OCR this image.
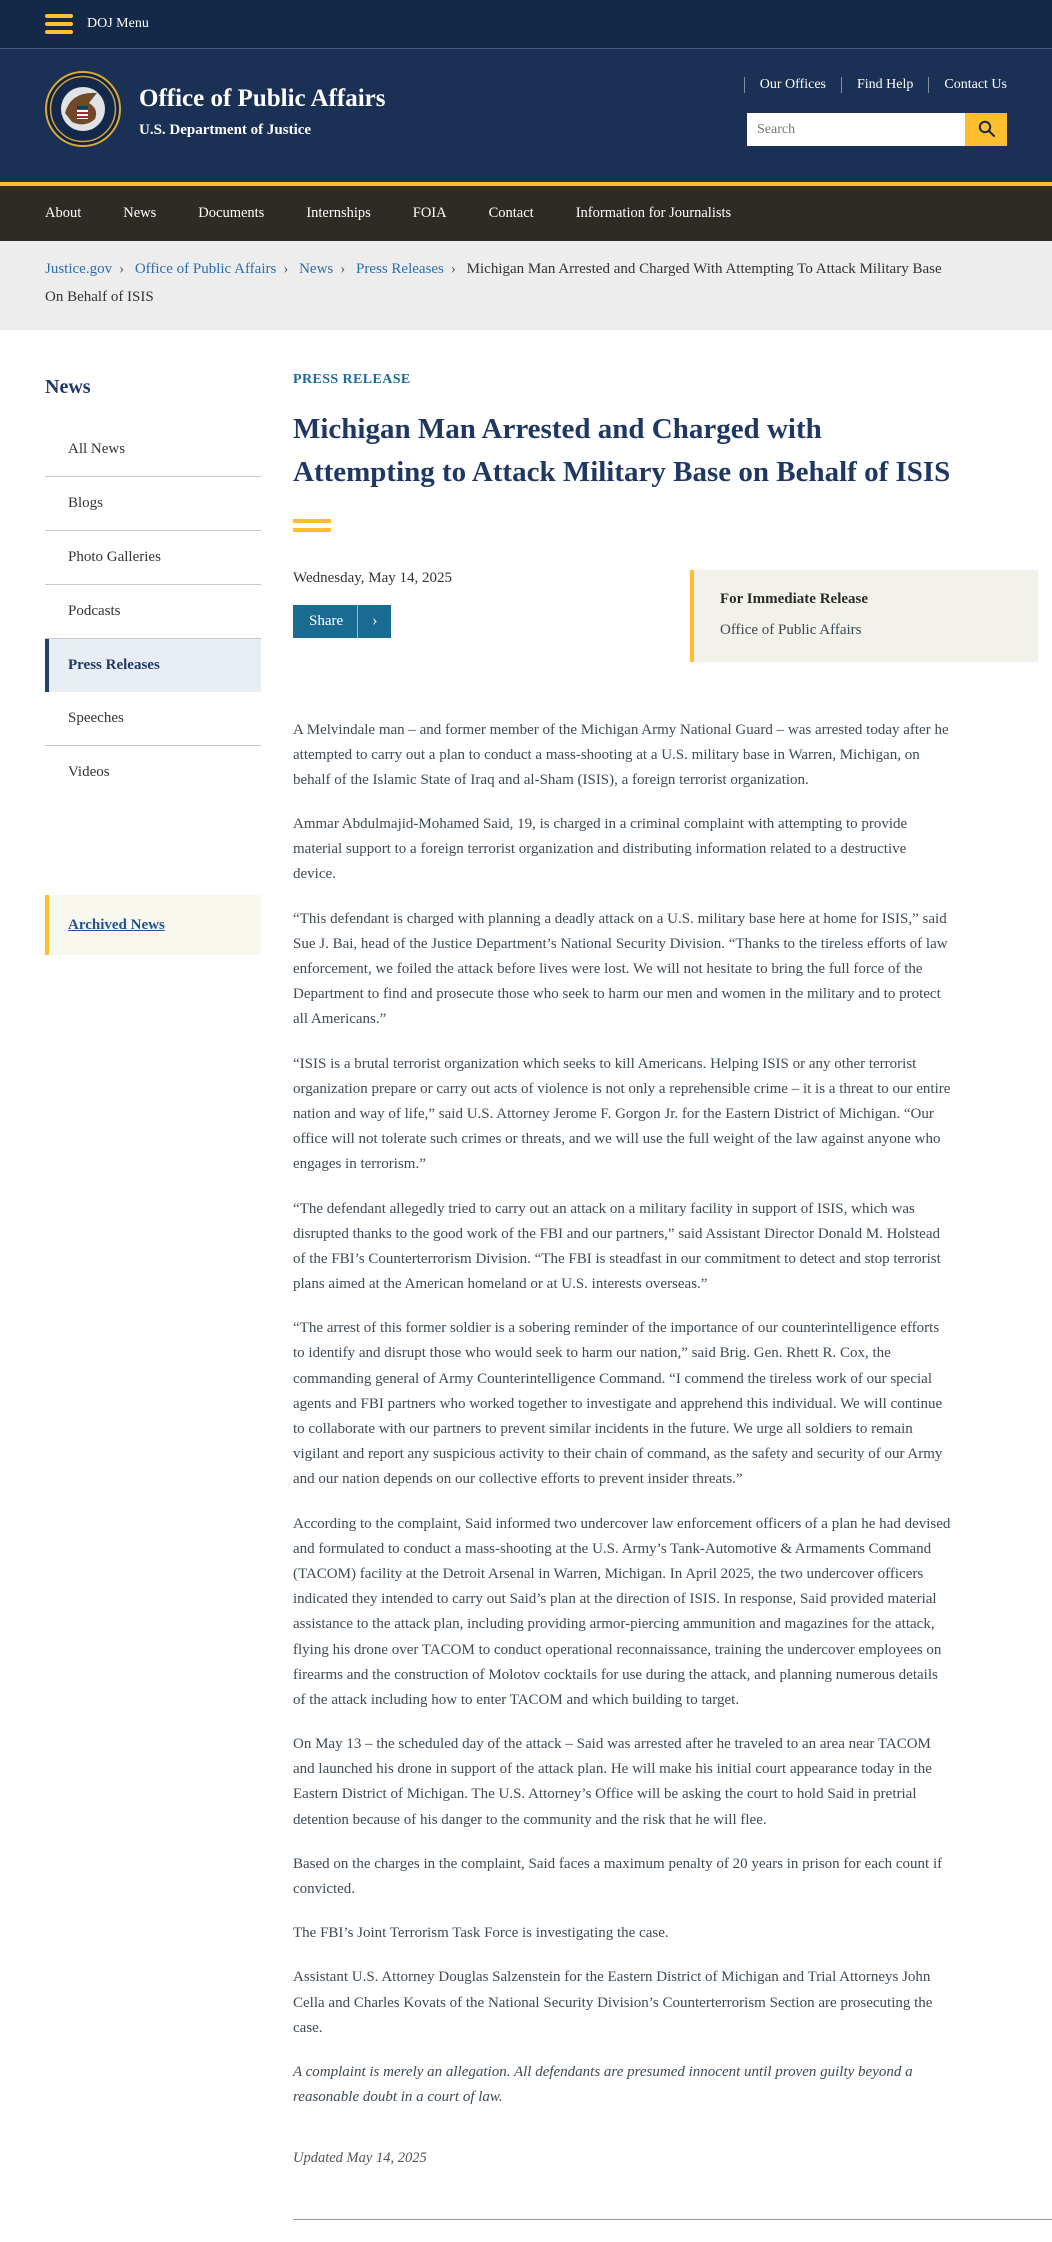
DOJ Menu
Office of Public Affairs
U.S. Department of Justice
Our Offices	Find Help	Contact Us
Search
About	News	Documents	Internships	FOIA	Contact	Information for Journalists
Justice.gov › Office of Public Affairs › News › Press Releases › Michigan Man Arrested and Charged With Attempting To Attack Military Base On Behalf of ISIS
News
All News
Blogs
Photo Galleries
Podcasts
Press Releases
Speeches
Videos
Archived News
PRESS RELEASE
Michigan Man Arrested and Charged with Attempting to Attack Military Base on Behalf of ISIS
Wednesday, May 14, 2025
Share	›
For Immediate Release
Office of Public Affairs

A Melvindale man – and former member of the Michigan Army National Guard – was arrested today after he attempted to carry out a plan to conduct a mass-shooting at a U.S. military base in Warren, Michigan, on behalf of the Islamic State of Iraq and al-Sham (ISIS), a foreign terrorist organization.

Ammar Abdulmajid-Mohamed Said, 19, is charged in a criminal complaint with attempting to provide material support to a foreign terrorist organization and distributing information related to a destructive device.

“This defendant is charged with planning a deadly attack on a U.S. military base here at home for ISIS,” said Sue J. Bai, head of the Justice Department’s National Security Division. “Thanks to the tireless efforts of law enforcement, we foiled the attack before lives were lost. We will not hesitate to bring the full force of the Department to find and prosecute those who seek to harm our men and women in the military and to protect all Americans.”

“ISIS is a brutal terrorist organization which seeks to kill Americans. Helping ISIS or any other terrorist organization prepare or carry out acts of violence is not only a reprehensible crime – it is a threat to our entire nation and way of life,” said U.S. Attorney Jerome F. Gorgon Jr. for the Eastern District of Michigan. “Our office will not tolerate such crimes or threats, and we will use the full weight of the law against anyone who engages in terrorism.”

“The defendant allegedly tried to carry out an attack on a military facility in support of ISIS, which was disrupted thanks to the good work of the FBI and our partners,” said Assistant Director Donald M. Holstead of the FBI’s Counterterrorism Division. “The FBI is steadfast in our commitment to detect and stop terrorist plans aimed at the American homeland or at U.S. interests overseas.”

“The arrest of this former soldier is a sobering reminder of the importance of our counterintelligence efforts to identify and disrupt those who would seek to harm our nation,” said Brig. Gen. Rhett R. Cox, the commanding general of Army Counterintelligence Command. “I commend the tireless work of our special agents and FBI partners who worked together to investigate and apprehend this individual. We will continue to collaborate with our partners to prevent similar incidents in the future. We urge all soldiers to remain vigilant and report any suspicious activity to their chain of command, as the safety and security of our Army and our nation depends on our collective efforts to prevent insider threats.”

According to the complaint, Said informed two undercover law enforcement officers of a plan he had devised and formulated to conduct a mass-shooting at the U.S. Army’s Tank-Automotive & Armaments Command (TACOM) facility at the Detroit Arsenal in Warren, Michigan. In April 2025, the two undercover officers indicated they intended to carry out Said’s plan at the direction of ISIS. In response, Said provided material assistance to the attack plan, including providing armor-piercing ammunition and magazines for the attack, flying his drone over TACOM to conduct operational reconnaissance, training the undercover employees on firearms and the construction of Molotov cocktails for use during the attack, and planning numerous details of the attack including how to enter TACOM and which building to target.

On May 13 – the scheduled day of the attack – Said was arrested after he traveled to an area near TACOM and launched his drone in support of the attack plan. He will make his initial court appearance today in the Eastern District of Michigan. The U.S. Attorney’s Office will be asking the court to hold Said in pretrial detention because of his danger to the community and the risk that he will flee.

Based on the charges in the complaint, Said faces a maximum penalty of 20 years in prison for each count if convicted.

The FBI’s Joint Terrorism Task Force is investigating the case.

Assistant U.S. Attorney Douglas Salzenstein for the Eastern District of Michigan and Trial Attorneys John Cella and Charles Kovats of the National Security Division’s Counterterrorism Section are prosecuting the case.

A complaint is merely an allegation. All defendants are presumed innocent until proven guilty beyond a reasonable doubt in a court of law.

Updated May 14, 2025
